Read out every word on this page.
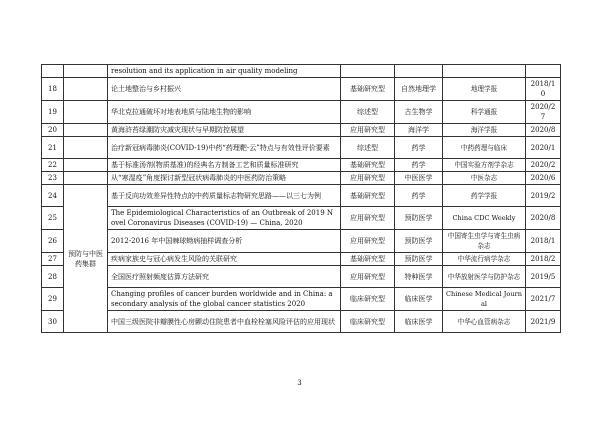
		resolution and its application in air quality modeling				
18		论土地整治与乡村振兴	基础研究型	自然地理学	地理学报	2018/10
19		华北克拉通破坏对地表地质与陆地生物的影响	综述型	古生物学	科学通报	2020/27
20		黄海浒苔绿潮防灾减灾现状与早期防控展望	应用研究型	海洋学	海洋学报	2020/8
21		治疗新冠病毒肺炎(COVID-19)中药“药理靶-云”特点与有效性评价要素	综述型	药学	中药药理与临床	2020/1
22		基于标准汤剂(物质基准)的经典名方制备工艺和质量标准研究	基础研究型	药学	中国实验方剂学杂志	2020/2
23		从“寒湿疫”角度探讨新型冠状病毒肺炎的中医药防治策略	应用研究型	中医医学	中医杂志	2020/6
24	预防与中医药集群	基于反向功效差异性特点的中药质量标志物研究思路——以三七为例	基础研究型	药学	药学学报	2019/2
25		The Epidemiological Characteristics of an Outbreak of 2019 Novel Coronavirus Diseases (COVID-19) — China, 2020	应用研究型	预防医学	China CDC Weekly	2020/8
26		2012-2016 年中国棘球蚴病抽样调查分析	应用研究型	预防医学	中国寄生虫学与寄生虫病杂志	2018/1
27		疾病家族史与冠心病发生风险的关联研究	基础研究型	预防医学	中华流行病学杂志	2018/2
28		全国医疗照射频度估算方法研究	应用研究型	特种医学	中华放射医学与防护杂志	2019/5
29		Changing profiles of cancer burden worldwide and in China: a secondary analysis of the global cancer statistics 2020	临床研究型	临床医学	Chinese Medical Journal	2021/7
30		中国三级医院非瓣膜性心房颤动住院患者中血栓栓塞风险评估的应用现状	临床研究型	临床医学	中华心血管病杂志	2021/9
3
